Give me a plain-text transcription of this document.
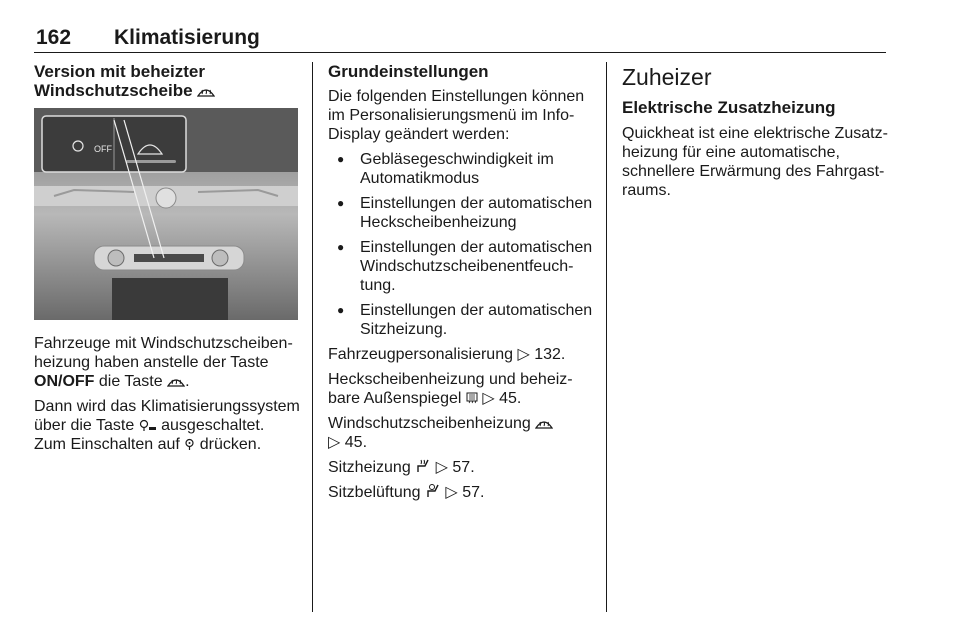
162 Klimatisierung
Version mit beheizter
Windschutzscheibe
OFF

Fahrzeuge mit Windschutzscheiben-
heizung haben anstelle der Taste
ON/OFF die Taste .

Dann wird das Klimatisierungssystem
über die Taste ausgeschaltet.
Zum Einschalten auf drücken.

Grundeinstellungen

Die folgenden Einstellungen können im Personalisierungsmenü im Info-Display geändert werden:

● Gebläsegeschwindigkeit im Automatikmodus
● Einstellungen der automatischen Heckscheibenheizung
● Einstellungen der automatischen Windschutzscheibenentfeuch-tung.
● Einstellungen der automatischen Sitzheizung.

Fahrzeugpersonalisierung ▷ 132.

Heckscheibenheizung und beheiz-bare Außenspiegel ▷ 45.

Windschutzscheibenheizung
▷ 45.

Sitzheizung ▷ 57.

Sitzbelüftung ▷ 57.

Zuheizer
Elektrische Zusatzheizung

Quickheat ist eine elektrische Zusatz-heizung für eine automatische, schnellere Erwärmung des Fahrgast-raums.
